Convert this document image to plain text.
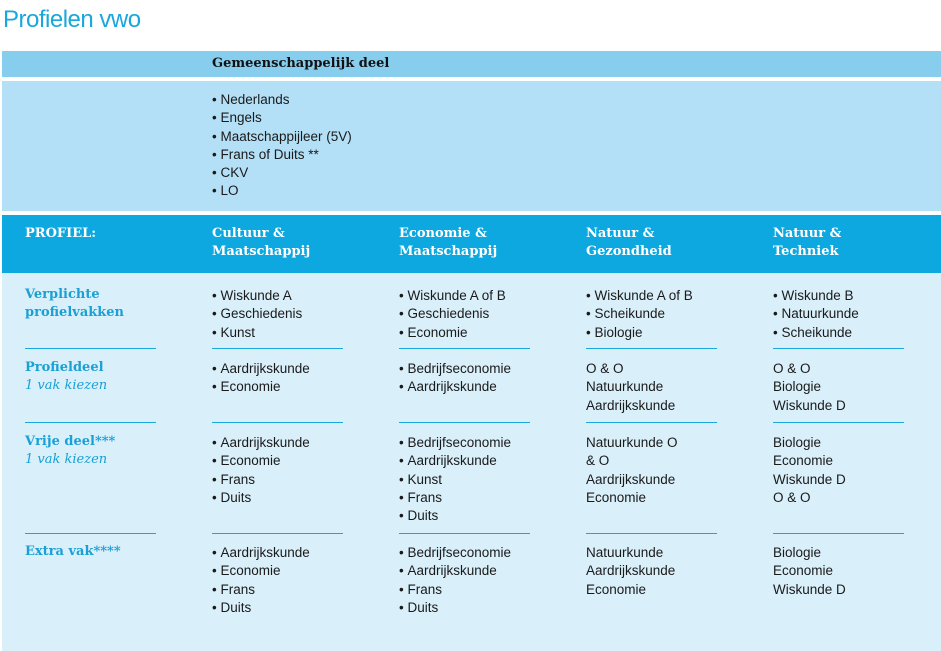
Profielen vwo
Gemeenschappelijk deel
• Nederlands
• Engels
• Maatschappijleer (5V)
• Frans of Duits **
• CKV
• LO
PROFIEL:	Cultuur &
Maatschappij
Economie &
Maatschappij
Natuur &
Gezondheid
Natuur &
Techniek
Verplichte
profielvakken
• Wiskunde A
• Geschiedenis
• Kunst
• Wiskunde A of B
• Geschiedenis
• Economie
• Wiskunde A of B
• Scheikunde
• Biologie
• Wiskunde B
• Natuurkunde
• Scheikunde
Profieldeel
1 vak kiezen
• Aardrijkskunde
• Economie
• Bedrijfseconomie
• Aardrijkskunde
O & O
Natuurkunde
Aardrijkskunde
O & O
Biologie
Wiskunde D
Vrije deel***
1 vak kiezen
• Aardrijkskunde
• Economie
• Frans
• Duits
• Bedrijfseconomie
• Aardrijkskunde
• Kunst
• Frans
• Duits
Natuurkunde O
& O
Aardrijkskunde
Economie
Biologie
Economie
Wiskunde D
O & O
Extra vak****
•	Aardrijkskunde
• Economie
• Frans
• Duits
• Bedrijfseconomie
• Aardrijkskunde
• Frans
• Duits
Natuurkunde
Aardrijkskunde
Economie
Biologie
Economie
Wiskunde D
